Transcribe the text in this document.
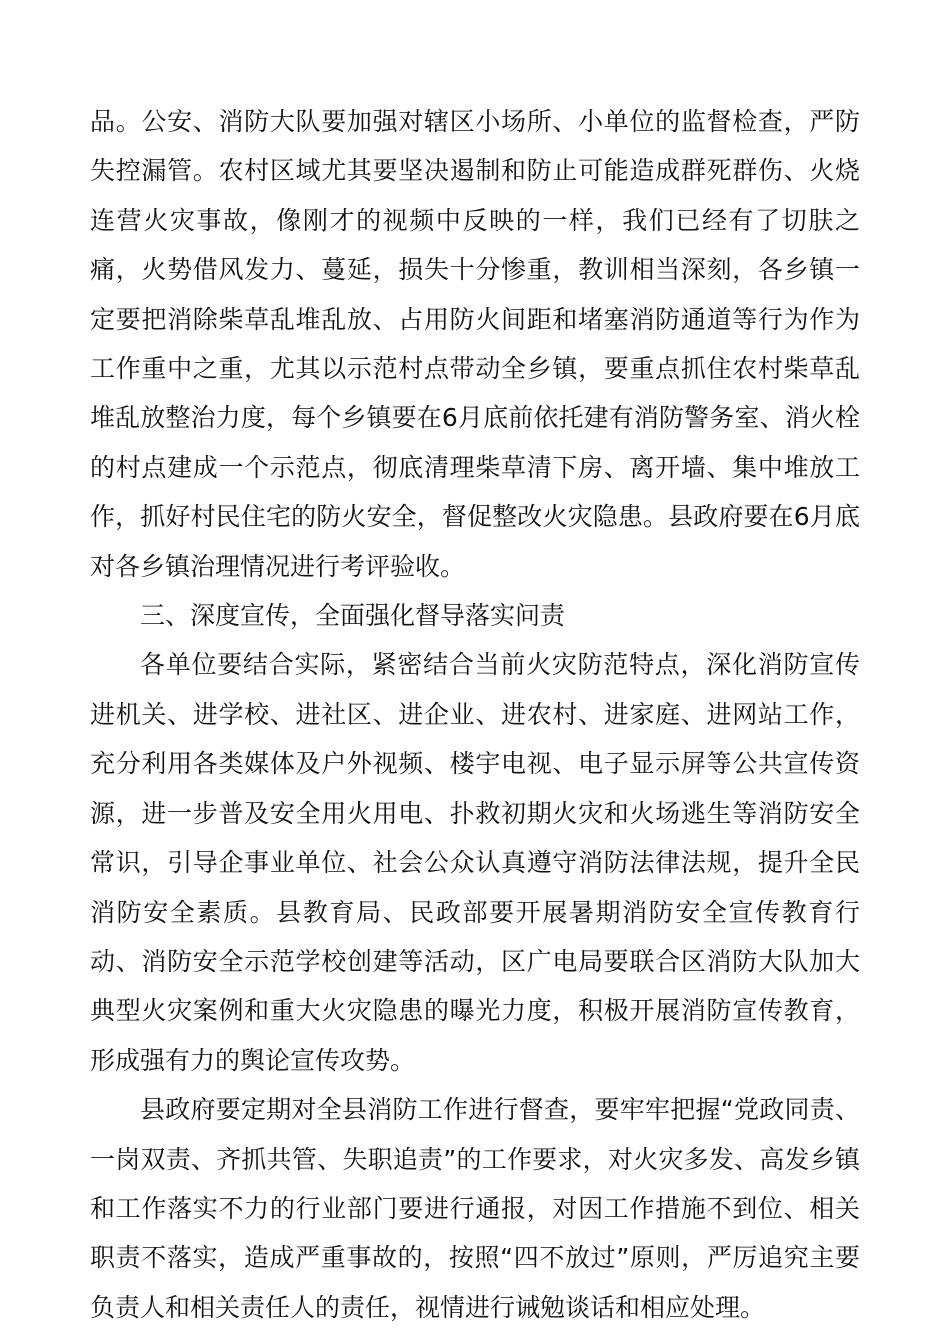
品。公安、消防大队要加强对辖区小场所、小单位的监督检查，严防失控漏管。农村区域尤其要坚决遏制和防止可能造成群死群伤、火烧连营火灾事故，像刚才的视频中反映的一样，我们已经有了切肤之痛，火势借风发力、蔓延，损失十分惨重，教训相当深刻，各乡镇一定要把消除柴草乱堆乱放、占用防火间距和堵塞消防通道等行为作为工作重中之重，尤其以示范村点带动全乡镇，要重点抓住农村柴草乱堆乱放整治力度，每个乡镇要在6月底前依托建有消防警务室、消火栓的村点建成一个示范点，彻底清理柴草清下房、离开墙、集中堆放工作，抓好村民住宅的防火安全，督促整改火灾隐患。县政府要在6月底对各乡镇治理情况进行考评验收。

三、深度宣传，全面强化督导落实问责

各单位要结合实际，紧密结合当前火灾防范特点，深化消防宣传进机关、进学校、进社区、进企业、进农村、进家庭、进网站工作，充分利用各类媒体及户外视频、楼宇电视、电子显示屏等公共宣传资源，进一步普及安全用火用电、扑救初期火灾和火场逃生等消防安全常识，引导企事业单位、社会公众认真遵守消防法律法规，提升全民消防安全素质。县教育局、民政部要开展暑期消防安全宣传教育行动、消防安全示范学校创建等活动，区广电局要联合区消防大队加大典型火灾案例和重大火灾隐患的曝光力度，积极开展消防宣传教育，形成强有力的舆论宣传攻势。

县政府要定期对全县消防工作进行督查，要牢牢把握“党政同责、一岗双责、齐抓共管、失职追责”的工作要求，对火灾多发、高发乡镇和工作落实不力的行业部门要进行通报，对因工作措施不到位、相关职责不落实，造成严重事故的，按照“四不放过”原则，严厉追究主要负责人和相关责任人的责任，视情进行诫勉谈话和相应处理。
